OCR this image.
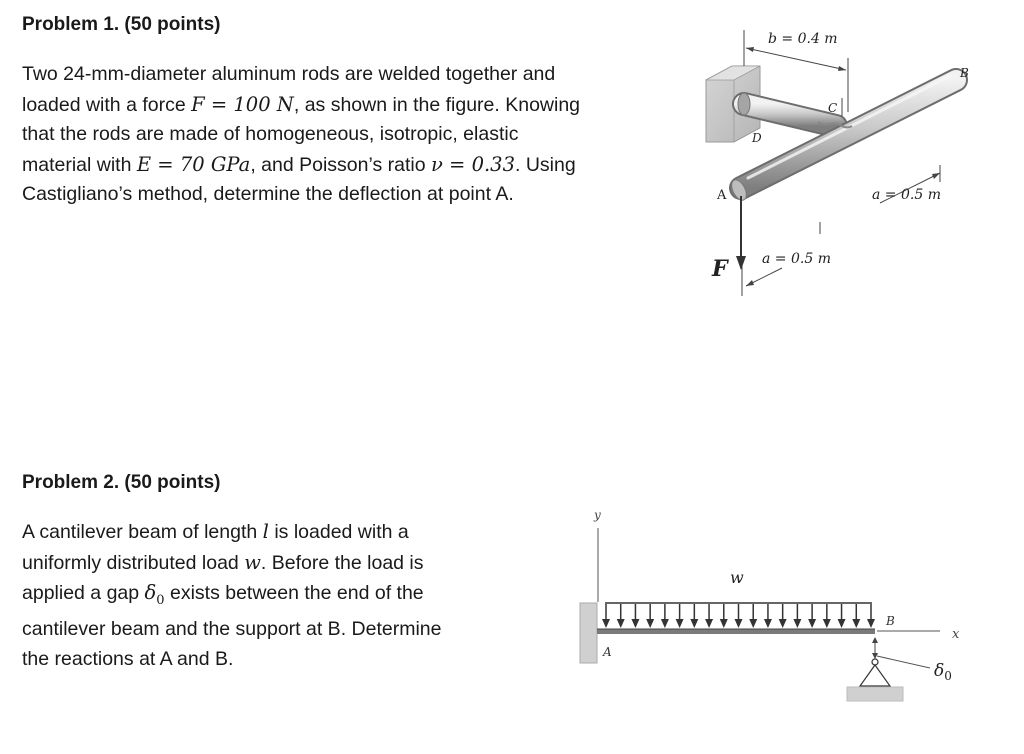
Problem 1. (50 points)
Two 24-mm-diameter aluminum rods are welded together and
loaded with a force F = 100 N, as shown in the figure. Knowing
that the rods are made of homogeneous, isotropic, elastic
material with E = 70 GPa, and Poisson’s ratio ν = 0.33. Using
Castigliano’s method, determine the deflection at point A.
b = 0.4 m
a = 0.5 m
a = 0.5 m
F
A
B
C
D
Problem 2. (50 points)
A cantilever beam of length l is loaded with a
uniformly distributed load w. Before the load is
applied a gap $\delta_0$ exists between the end of the
cantilever beam and the support at B. Determine
the reactions at A and B.
y
w
x
A
B
$\delta_0$
